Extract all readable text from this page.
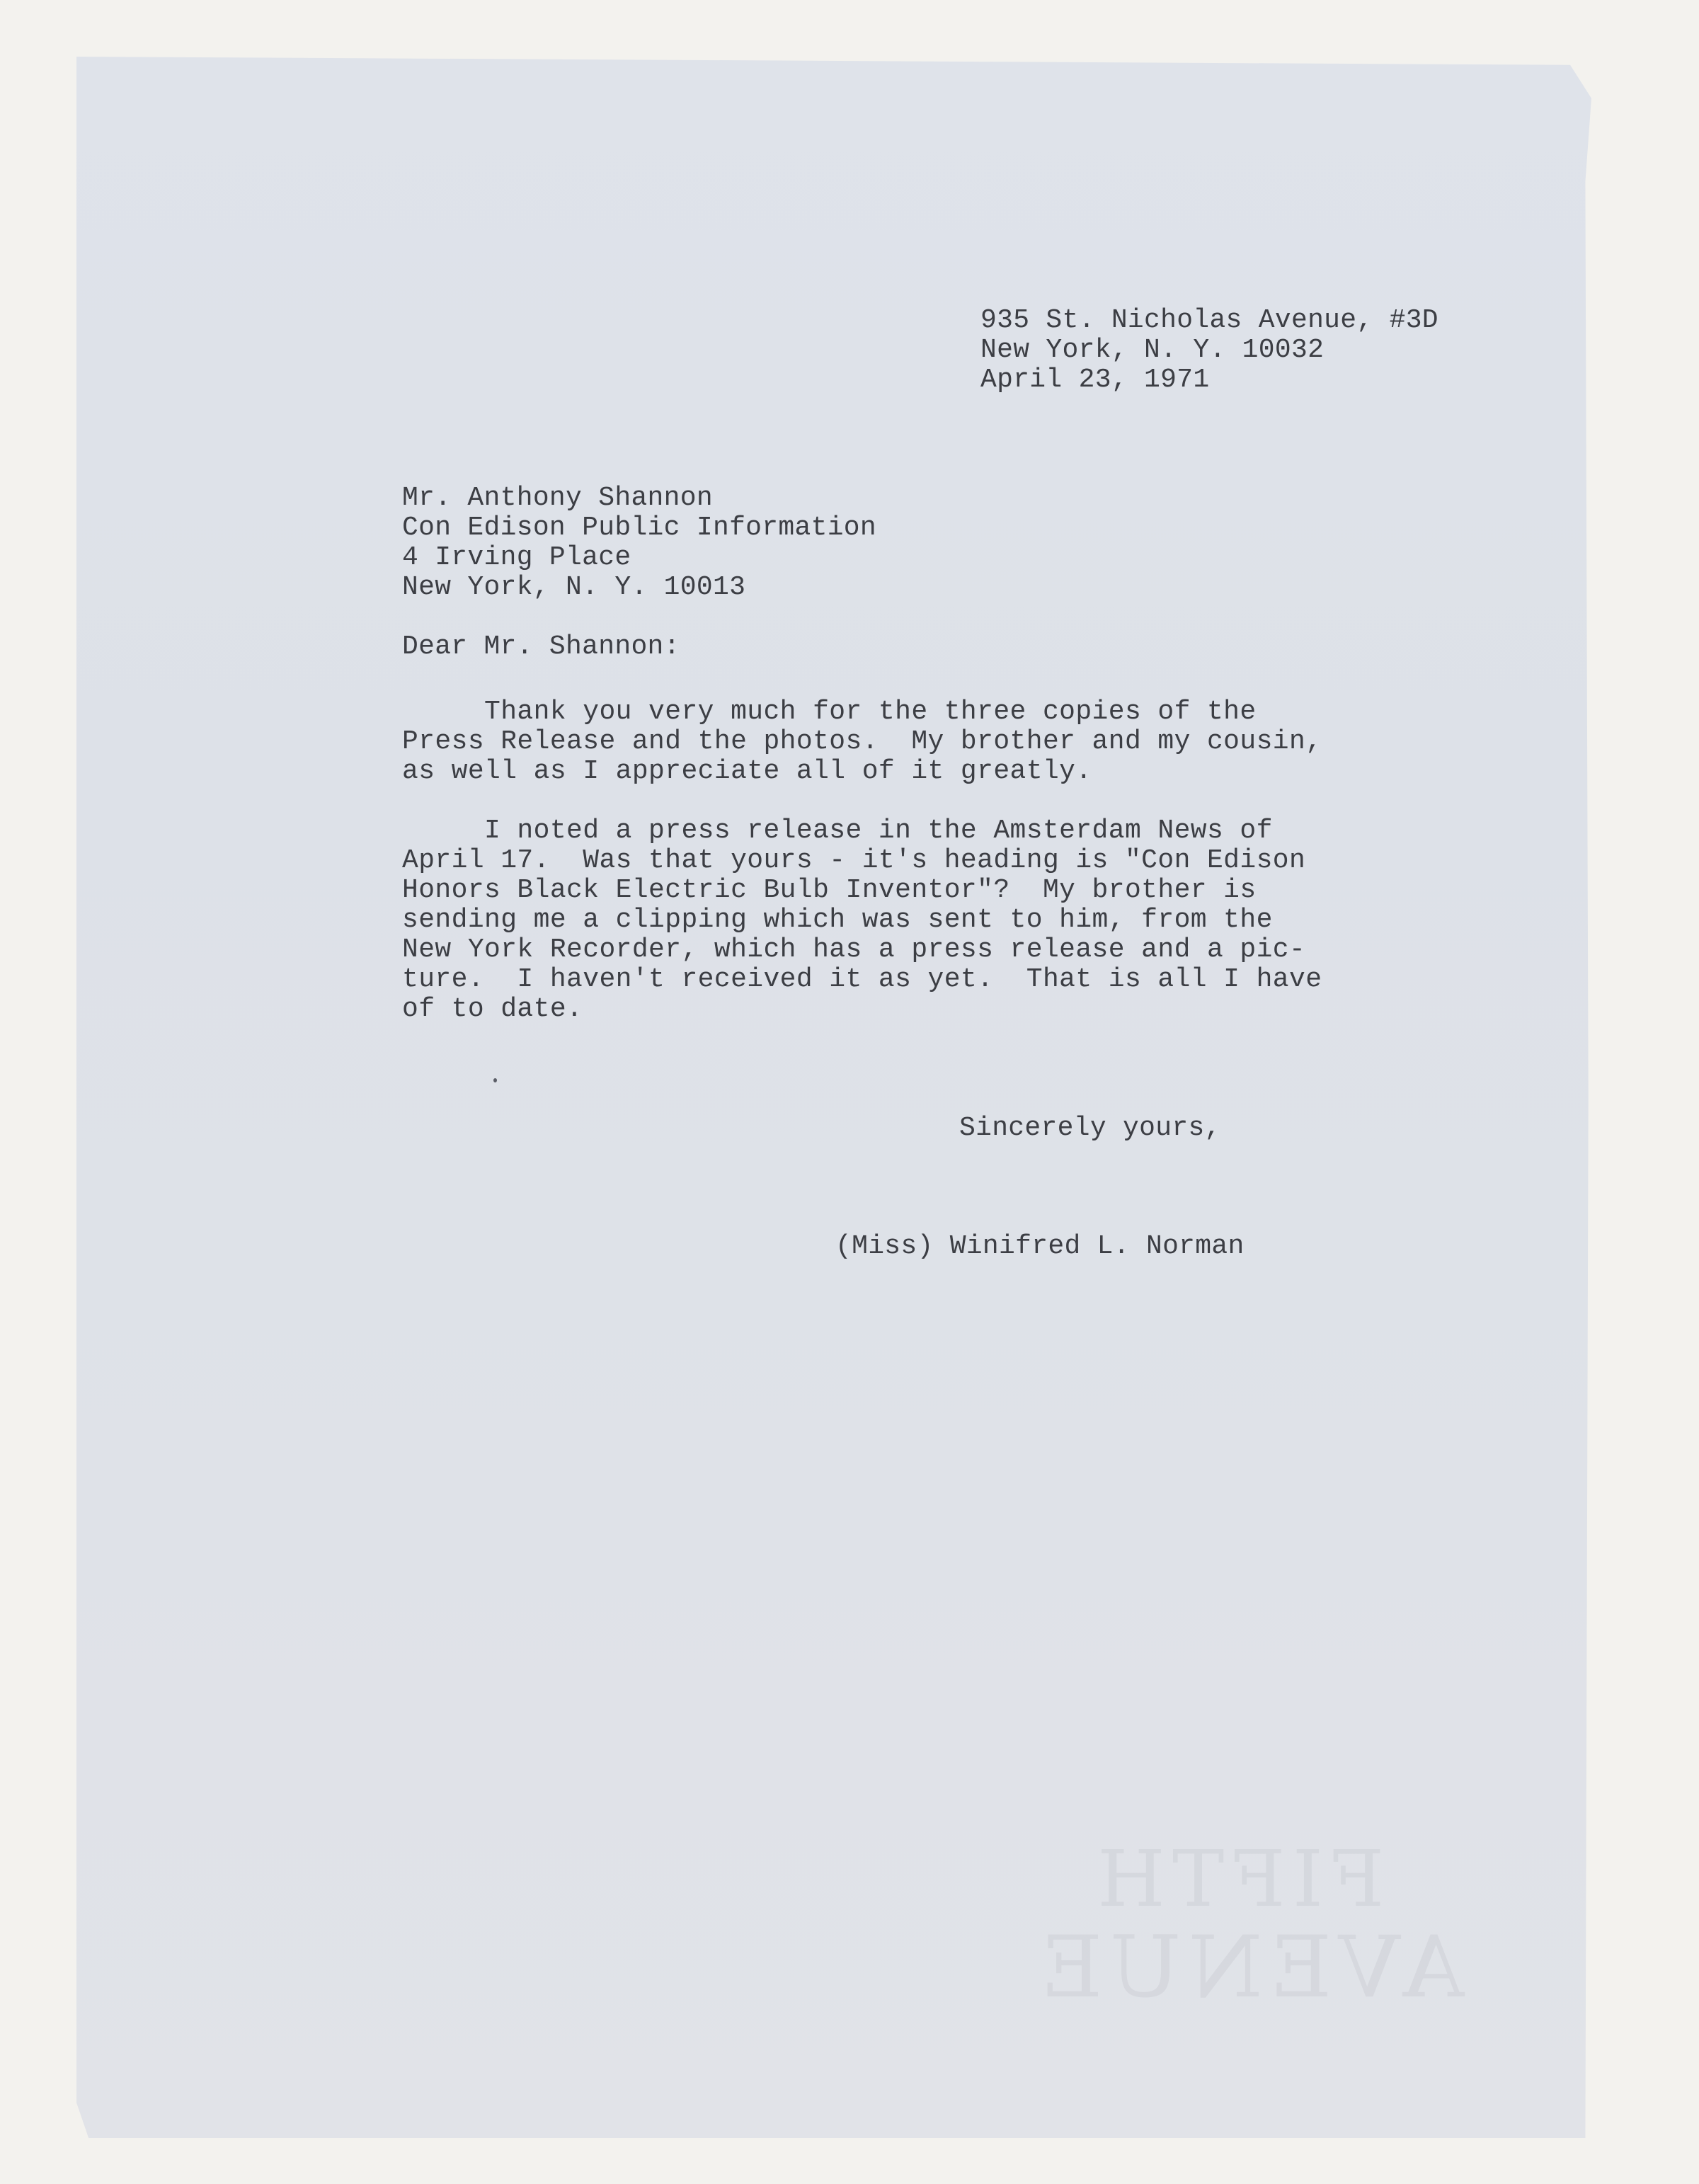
935 St. Nicholas Avenue, #3D
New York, N. Y. 10032
April 23, 1971
Mr. Anthony Shannon
Con Edison Public Information
4 Irving Place
New York, N. Y. 10013
Dear Mr. Shannon:
Thank you very much for the three copies of the
Press Release and the photos.  My brother and my cousin,
as well as I appreciate all of it greatly.
I noted a press release in the Amsterdam News of
April 17.  Was that yours - it's heading is "Con Edison
Honors Black Electric Bulb Inventor"?  My brother is
sending me a clipping which was sent to him, from the
New York Recorder, which has a press release and a pic-
ture.  I haven't received it as yet.  That is all I have
of to date.
Sincerely yours,
(Miss) Winifred L. Norman
